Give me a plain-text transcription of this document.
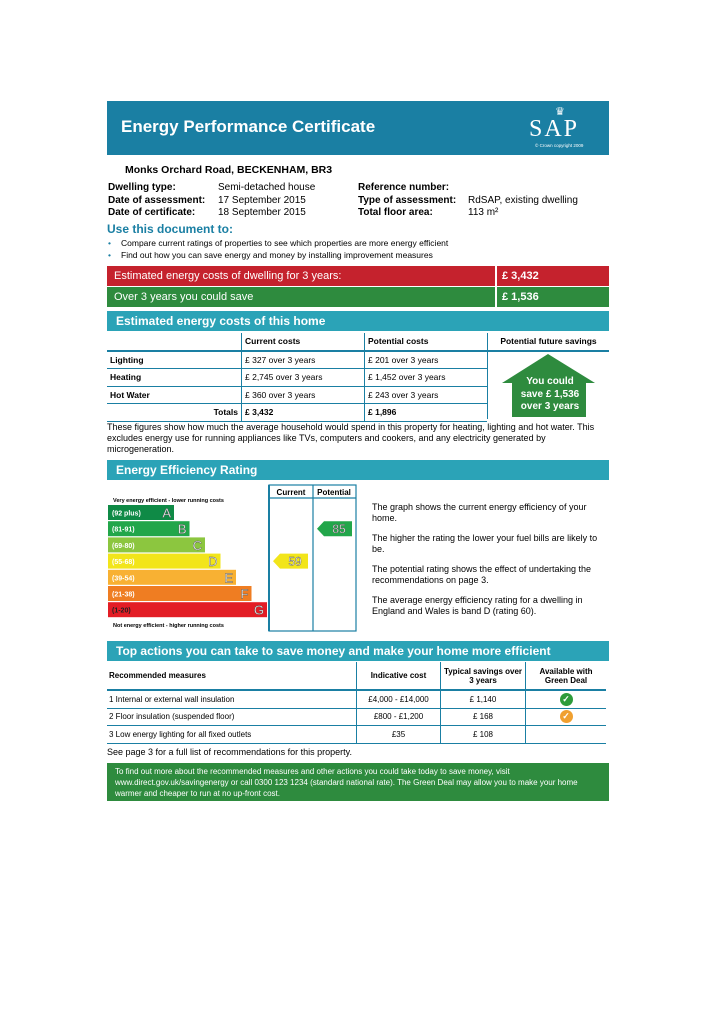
Energy Performance Certificate
♛
SAP
© Crown copyright 2009
Monks Orchard Road, BECKENHAM, BR3
Dwelling type:	Semi-detached house
Date of assessment: 17 September 2015
Date of certificate: 18 September 2015
Reference number:
Type of assessment: RdSAP, existing dwelling
Total floor area:	113 m²
Use this document to:
• Compare current ratings of properties to see which properties are more energy efficient
• Find out how you can save energy and money by installing improvement measures
Estimated energy costs of dwelling for 3 years:	£ 3,432
Over 3 years you could save	£ 1,536
Estimated energy costs of this home
	Current costs	Potential costs
Lighting	£ 327 over 3 years	£ 201 over 3 years
Heating	£ 2,745 over 3 years	£ 1,452 over 3 years
Hot Water	£ 360 over 3 years	£ 243 over 3 years
Totals	£ 3,432	£ 1,896
Potential future savings
You could
save £ 1,536
over 3 years
These figures show how much the average household would spend in this property for heating, lighting and hot water. This excludes energy use for running appliances like TVs, computers and cookers, and any electricity generated by microgeneration.
Energy Efficiency Rating
Current Potential
Very energy efficient - lower running costs
Not energy efficient - higher running costs
(92 plus) A
(81-91)	B
(69-80)	C
(55-68)	D
(39-54)	E
(21-38)	F
(1-20)	G
59
85

The graph shows the current energy efficiency of your home.

The higher the rating the lower your fuel bills are likely to be.

The potential rating shows the effect of undertaking the recommendations on page 3.

The average energy efficiency rating for a dwelling in England and Wales is band D (rating 60).

Top actions you can take to save money and make your home more efficient
Recommended measures	Indicative cost	Typical savings over 3 years	Available with Green Deal
1 Internal or external wall insulation	£4,000 - £14,000	£ 1,140	✓
2 Floor insulation (suspended floor)	£800 - £1,200	£ 168	✓
3 Low energy lighting for all fixed outlets	£35	£ 108	
See page 3 for a full list of recommendations for this property.
To find out more about the recommended measures and other actions you could take today to save money, visit www.direct.gov.uk/savingenergy or call 0300 123 1234 (standard national rate). The Green Deal may allow you to make your home warmer and cheaper to run at no up-front cost.
